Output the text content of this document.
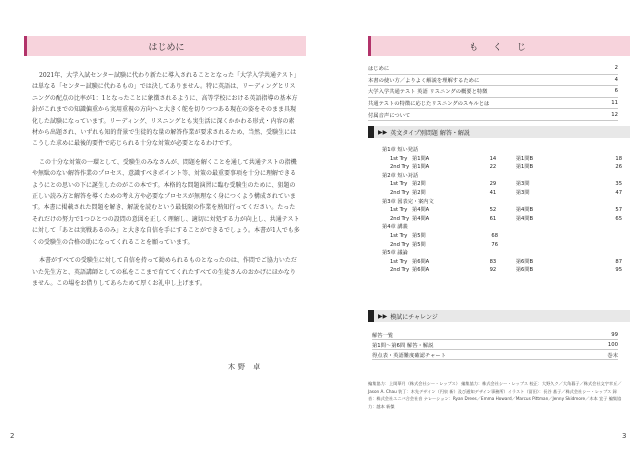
はじめに

2021年、大学入試センター試験に代わり新たに導入されることとなった「大学入学共通テスト」は単なる「センター試験に代わるもの」では決してありません。特に英語は、リーディングとリスニングの配点の比率が1：1となったことに象徴されるように、高等学校における英語指導の基本方針がこれまでの知識偏重から実用重視の方向へと大きく舵を切りつつある現在の姿をそのまま具現化した試験になっています。リーディング、リスニングとも実生活に深くかかわる形式・内容の素材から出題され、いずれも知的背景で生徒的な量の解答作業が要求されるため、当然、受験生にはこうした求めに最後的要件で応じられる十分な対策が必要となるわけです。

この十分な対策の一環として、受験生のみなさんが、問題を解くことを通して共通テストの指機や無駄のない解答作業のプロセス、意識すべきポイント等、対策の最重要事項を十分に理解できるようにとの思いの下に誕生したのがこの本です。本格的な問題演習に臨む受験生のために、狙題の正しい読み方と解答を導くための考え方や必要なプロセスが無理なく身につくよう構成されています。本書に掲載された問題を解き、解説を読むという最低限の作業を熟知行ってください。たったそれだけの努力で1つひとつの設問の意図を正しく理解し、適切に対処する力が向上し、共通テストに対して「あとは実戦あるのみ」と大きな自信を手にすることができるでしょう。本書が1人でも多くの受験生の合格の助になってくれることを願っています。

本書がすべての受験生に対して自信を持って勧められるものとなったのは、作問でご協力いただいた先生方と、英語講師としての私をここまで育ててくれたすべての生徒さんのおかげにほかなりません。この場をお借りしてあらためて厚くお礼申し上げます。

木野 卓
2
も く じ
はじめに	2
本書の使い方／よりよく解説を理解するために	4
大学入学共通テスト 英語 リスニングの概要と特徴	6
共通テストの特徴に応じたリスニングのスキルとは	11
付属音声について	12
▶▶ 英文タイプ別問題 解答・解説
第1章 短い発話
1st Try 第1問A	14	第1問B	18
2nd Try 第1問A	22	第1問B	26
第2章 短い対話
1st Try 第2問	29	第3問	35
2nd Try 第2問	41	第3問	47
第3章 図表完・案内文
1st Try 第4問A	52	第4問B	57
2nd Try 第4問A	61	第4問B	65
第4章 講義
1st Try 第5問	68
2nd Try 第5問	76
第5章 議論
1st Try 第6問A	83	第6問B	87
2nd Try 第6問A	92	第6問B	95
▶▶ 模試にチャレンジ
解答一覧	99
第1問〜第6問 解答・解説	100
得点表・英語難度確認チャート	巻末
編集協力：上岡華月（株式会社シー・レップス） 編集協力：株式会社シー・レップス 校正：大野久ク／大角暮子／株式会社文字幸丘／Jason A. Chau 装丁：木先デザイン（円泉 新）及び通知デザイン事務所）イラスト（冨田）：長谷 基子／株式会社シー・レップス 録音：株式会社ユニバ合会社音 ナレーション：Ryan Drees／Emma Howard／Marcus Pittman／Jenny Skidmore／木本 宜子 編集協力：越本 新傑
3
